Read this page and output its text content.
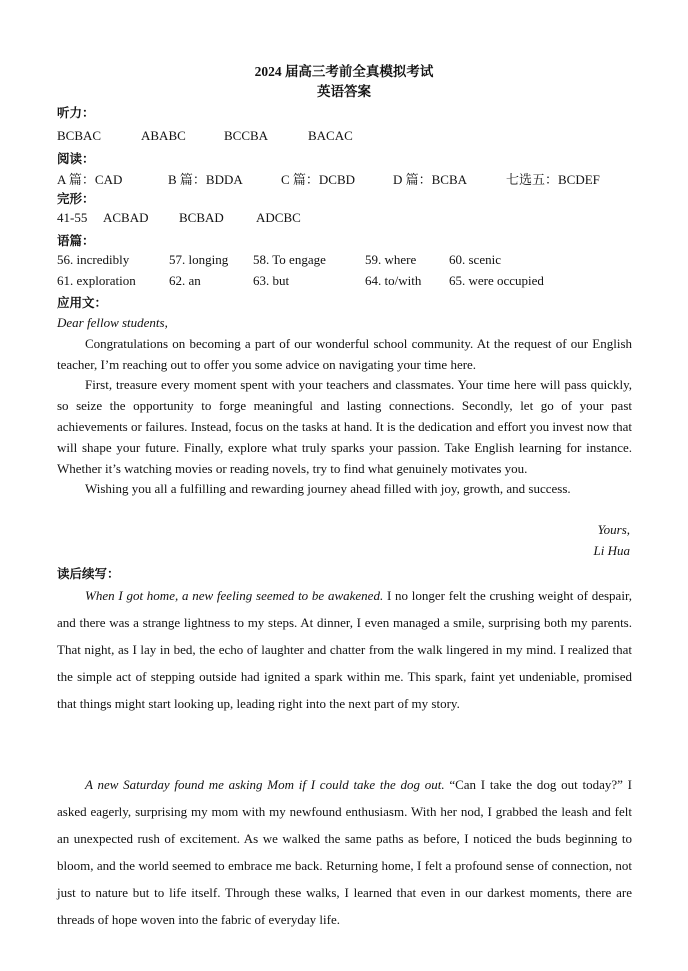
2024 届高三考前全真模拟考试
英语答案
听力：
BCBAC	ABABC	BCCBA	BACAC
阅读：
A 篇：CAD	B 篇：BDDA	C 篇：DCBD	D 篇：BCBA	七选五：BCDEF
完形：
41-55 ACBAD BCBAD ADCBC
语篇：
56. incredibly	57. longing 58. To engage	59. where	60. scenic
61. exploration	62. an	63. but	64. to/with 65. were occupied
应用文：

Dear fellow students,

Congratulations on becoming a part of our wonderful school community. At the request of our English teacher, I’m reaching out to offer you some advice on navigating your time here.

First, treasure every moment spent with your teachers and classmates. Your time here will pass quickly, so seize the opportunity to forge meaningful and lasting connections. Secondly, let go of your past achievements or failures. Instead, focus on the tasks at hand. It is the dedication and effort you invest now that will shape your future. Finally, explore what truly sparks your passion. Take English learning for instance. Whether it’s watching movies or reading novels, try to find what genuinely motivates you.

Wishing you all a fulfilling and rewarding journey ahead filled with joy, growth, and success.

Yours,
Li Hua
读后续写：

When I got home, a new feeling seemed to be awakened. I no longer felt the crushing weight of despair, and there was a strange lightness to my steps. At dinner, I even managed a smile, surprising both my parents. That night, as I lay in bed, the echo of laughter and chatter from the walk lingered in my mind. I realized that the simple act of stepping outside had ignited a spark within me. This spark, faint yet undeniable, promised that things might start looking up, leading right into the next part of my story.

A new Saturday found me asking Mom if I could take the dog out. “Can I take the dog out today?” I asked eagerly, surprising my mom with my newfound enthusiasm. With her nod, I grabbed the leash and felt an unexpected rush of excitement. As we walked the same paths as before, I noticed the buds beginning to bloom, and the world seemed to embrace me back. Returning home, I felt a profound sense of connection, not just to nature but to life itself. Through these walks, I learned that even in our darkest moments, there are threads of hope woven into the fabric of everyday life.
